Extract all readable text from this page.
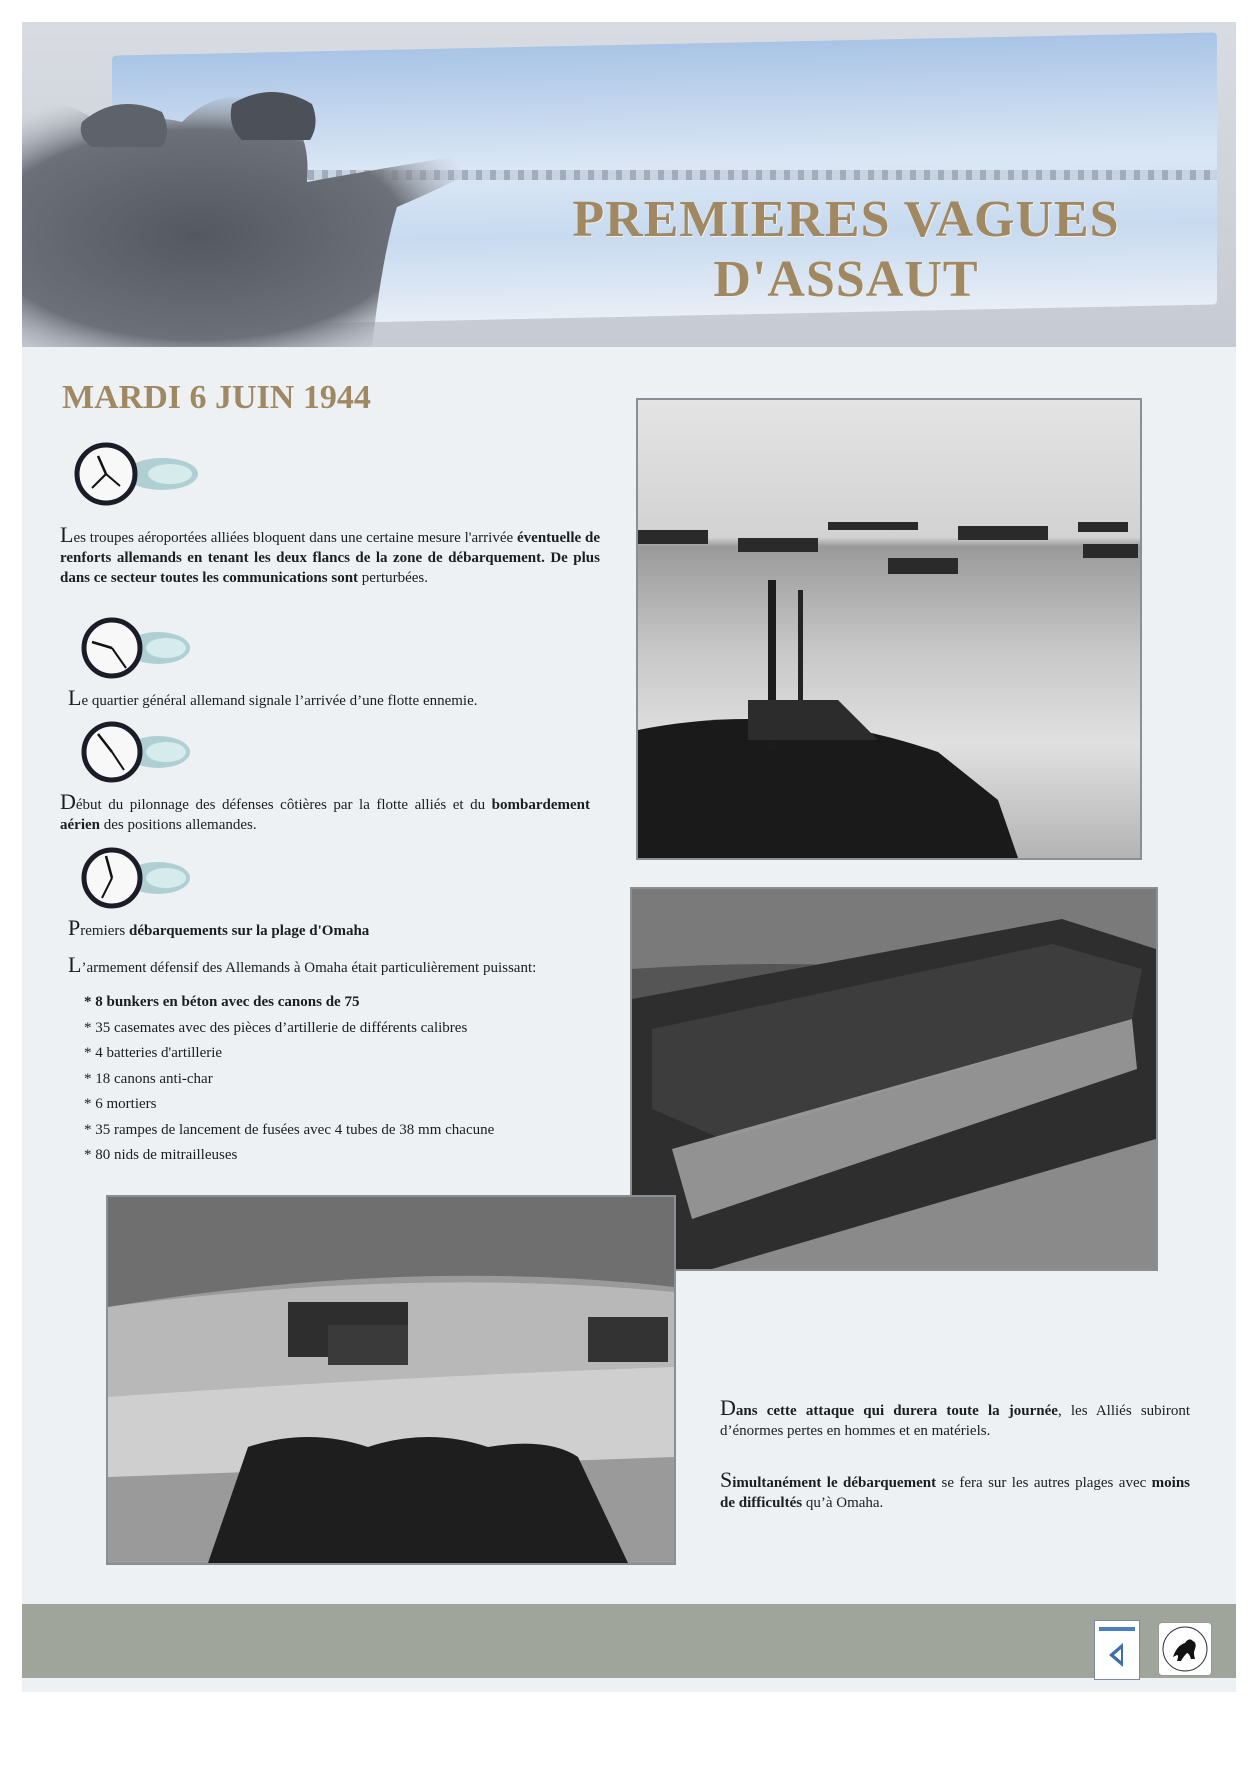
PREMIERES VAGUES
D'ASSAUT
MARDI 6 JUIN 1944
Les troupes aéroportées alliées bloquent dans une certaine mesure l'arrivée éventuelle de renforts allemands en tenant les deux flancs de la zone de débarquement. De plus dans ce secteur toutes les communications sont perturbées.
Le quartier général allemand signale l’arrivée d’une flotte ennemie.
Début du pilonnage des défenses côtières par la flotte alliés et du bombardement aérien des positions allemandes.
Premiers débarquements sur la plage d'Omaha
L’armement défensif des Allemands à Omaha était particulièrement puissant:
* 8 bunkers en béton avec des canons de 75
* 35 casemates avec des pièces d’artillerie de différents calibres
* 4 batteries d'artillerie
* 18 canons anti-char
* 6 mortiers
* 35 rampes de lancement de fusées avec 4 tubes de 38 mm chacune
* 80 nids de mitrailleuses
Dans cette attaque qui durera toute la journée, les Alliés subiront d’énormes pertes en hommes et en matériels.
Simultanément le débarquement se fera sur les autres plages avec moins de difficultés qu’à Omaha.
